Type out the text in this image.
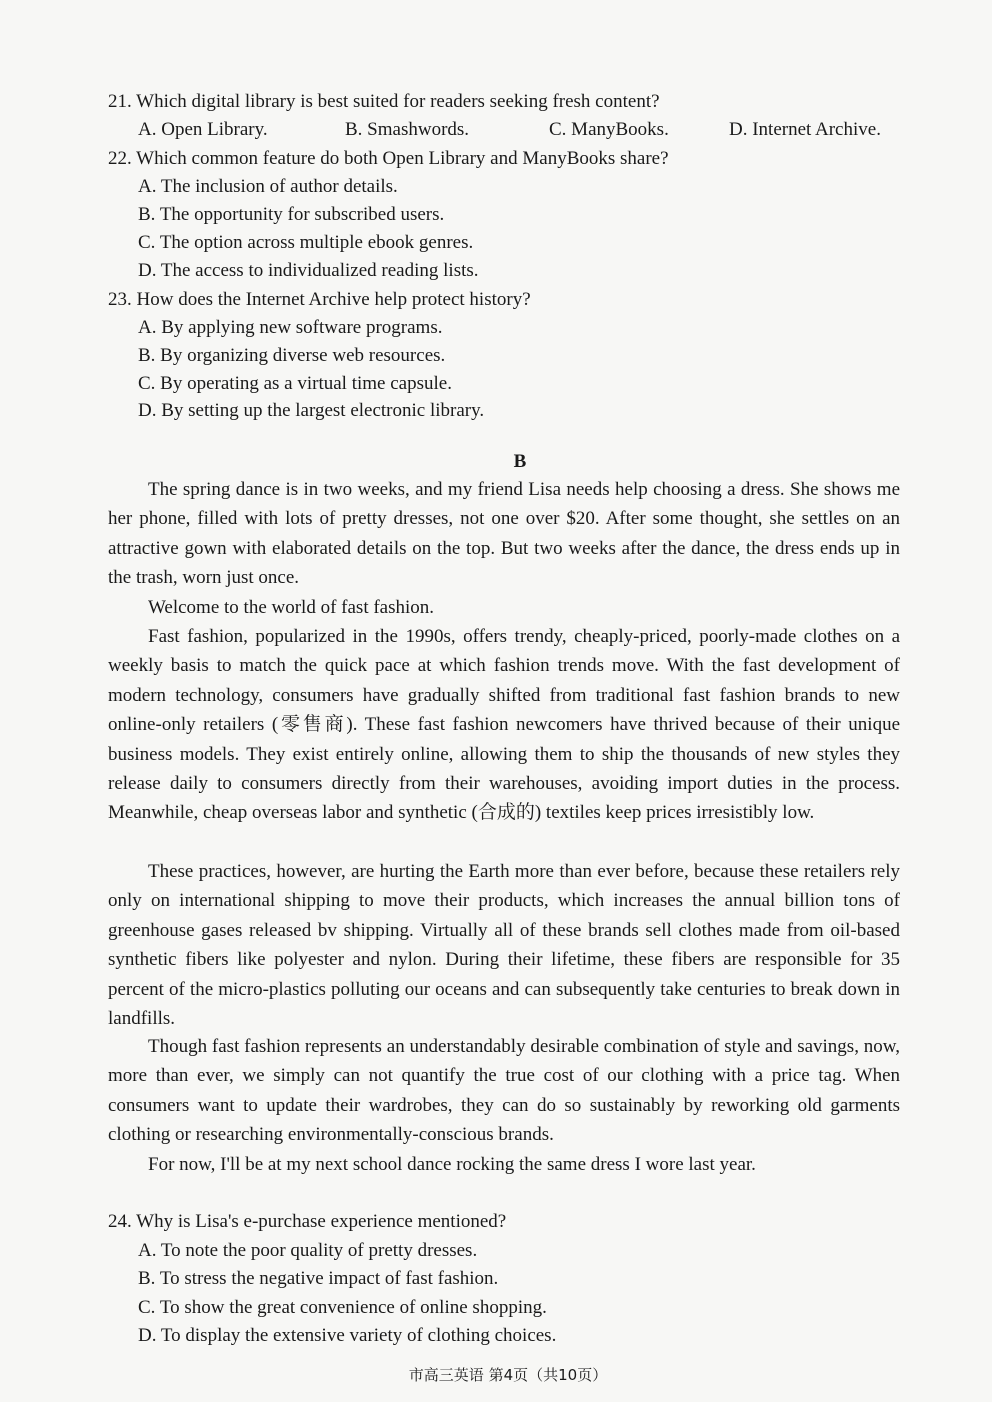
21. Which digital library is best suited for readers seeking fresh content?
A. Open Library.	B. Smashwords.	C. ManyBooks.	D. Internet Archive.
22. Which common feature do both Open Library and ManyBooks share?
A. The inclusion of author details.
B. The opportunity for subscribed users.
C. The option across multiple ebook genres.
D. The access to individualized reading lists.
23. How does the Internet Archive help protect history?
A. By applying new software programs.
B. By organizing diverse web resources.
C. By operating as a virtual time capsule.
D. By setting up the largest electronic library.
B
The spring dance is in two weeks, and my friend Lisa needs help choosing a dress. She shows me her phone, filled with lots of pretty dresses, not one over $20. After some thought, she settles on an attractive gown with elaborated details on the top. But two weeks after the dance, the dress ends up in the trash, worn just once.
Welcome to the world of fast fashion.
Fast fashion, popularized in the 1990s, offers trendy, cheaply-priced, poorly-made clothes on a weekly basis to match the quick pace at which fashion trends move. With the fast development of modern technology, consumers have gradually shifted from traditional fast fashion brands to new online-only retailers (零售商). These fast fashion newcomers have thrived because of their unique business models. They exist entirely online, allowing them to ship the thousands of new styles they release daily to consumers directly from their warehouses, avoiding import duties in the process. Meanwhile, cheap overseas labor and synthetic (合成的) textiles keep prices irresistibly low.
These practices, however, are hurting the Earth more than ever before, because these retailers rely only on international shipping to move their products, which increases the annual billion tons of greenhouse gases released bv shipping. Virtually all of these brands sell clothes made from oil-based synthetic fibers like polyester and nylon. During their lifetime, these fibers are responsible for 35 percent of the micro-plastics polluting our oceans and can subsequently take centuries to break down in landfills.
Though fast fashion represents an understandably desirable combination of style and savings, now, more than ever, we simply can not quantify the true cost of our clothing with a price tag. When consumers want to update their wardrobes, they can do so sustainably by reworking old garments clothing or researching environmentally-conscious brands.
For now, I'll be at my next school dance rocking the same dress I wore last year.
24. Why is Lisa's e-purchase experience mentioned?
A. To note the poor quality of pretty dresses.
B. To stress the negative impact of fast fashion.
C. To show the great convenience of online shopping.
D. To display the extensive variety of clothing choices.
市高三英语 第4页（共10页）
